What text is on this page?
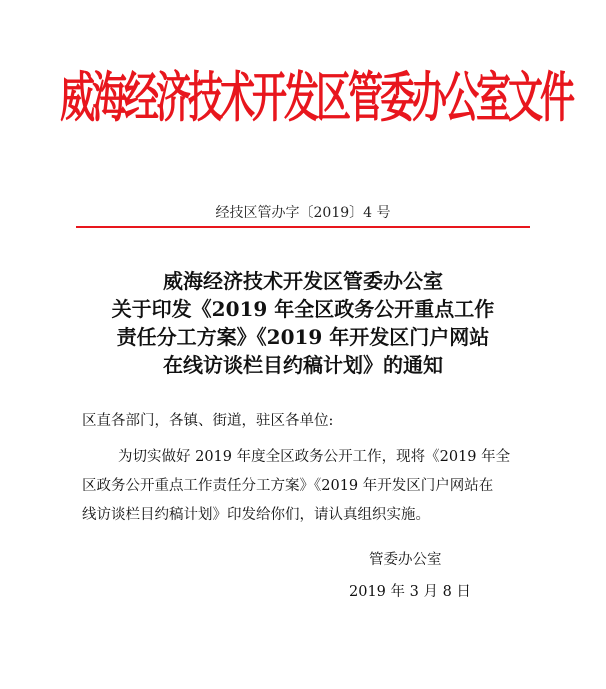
威海经济技术开发区管委办公室文件
经技区管办字〔2019〕4 号
威海经济技术开发区管委办公室
关于印发《2019 年全区政务公开重点工作
责任分工方案》《2019 年开发区门户网站
在线访谈栏目约稿计划》的通知
区直各部门，各镇、街道，驻区各单位:
为切实做好 2019 年度全区政务公开工作，现将《2019 年全
区政务公开重点工作责任分工方案》《2019 年开发区门户网站在
线访谈栏目约稿计划》印发给你们，请认真组织实施。
管委办公室
2019 年 3 月 8 日
